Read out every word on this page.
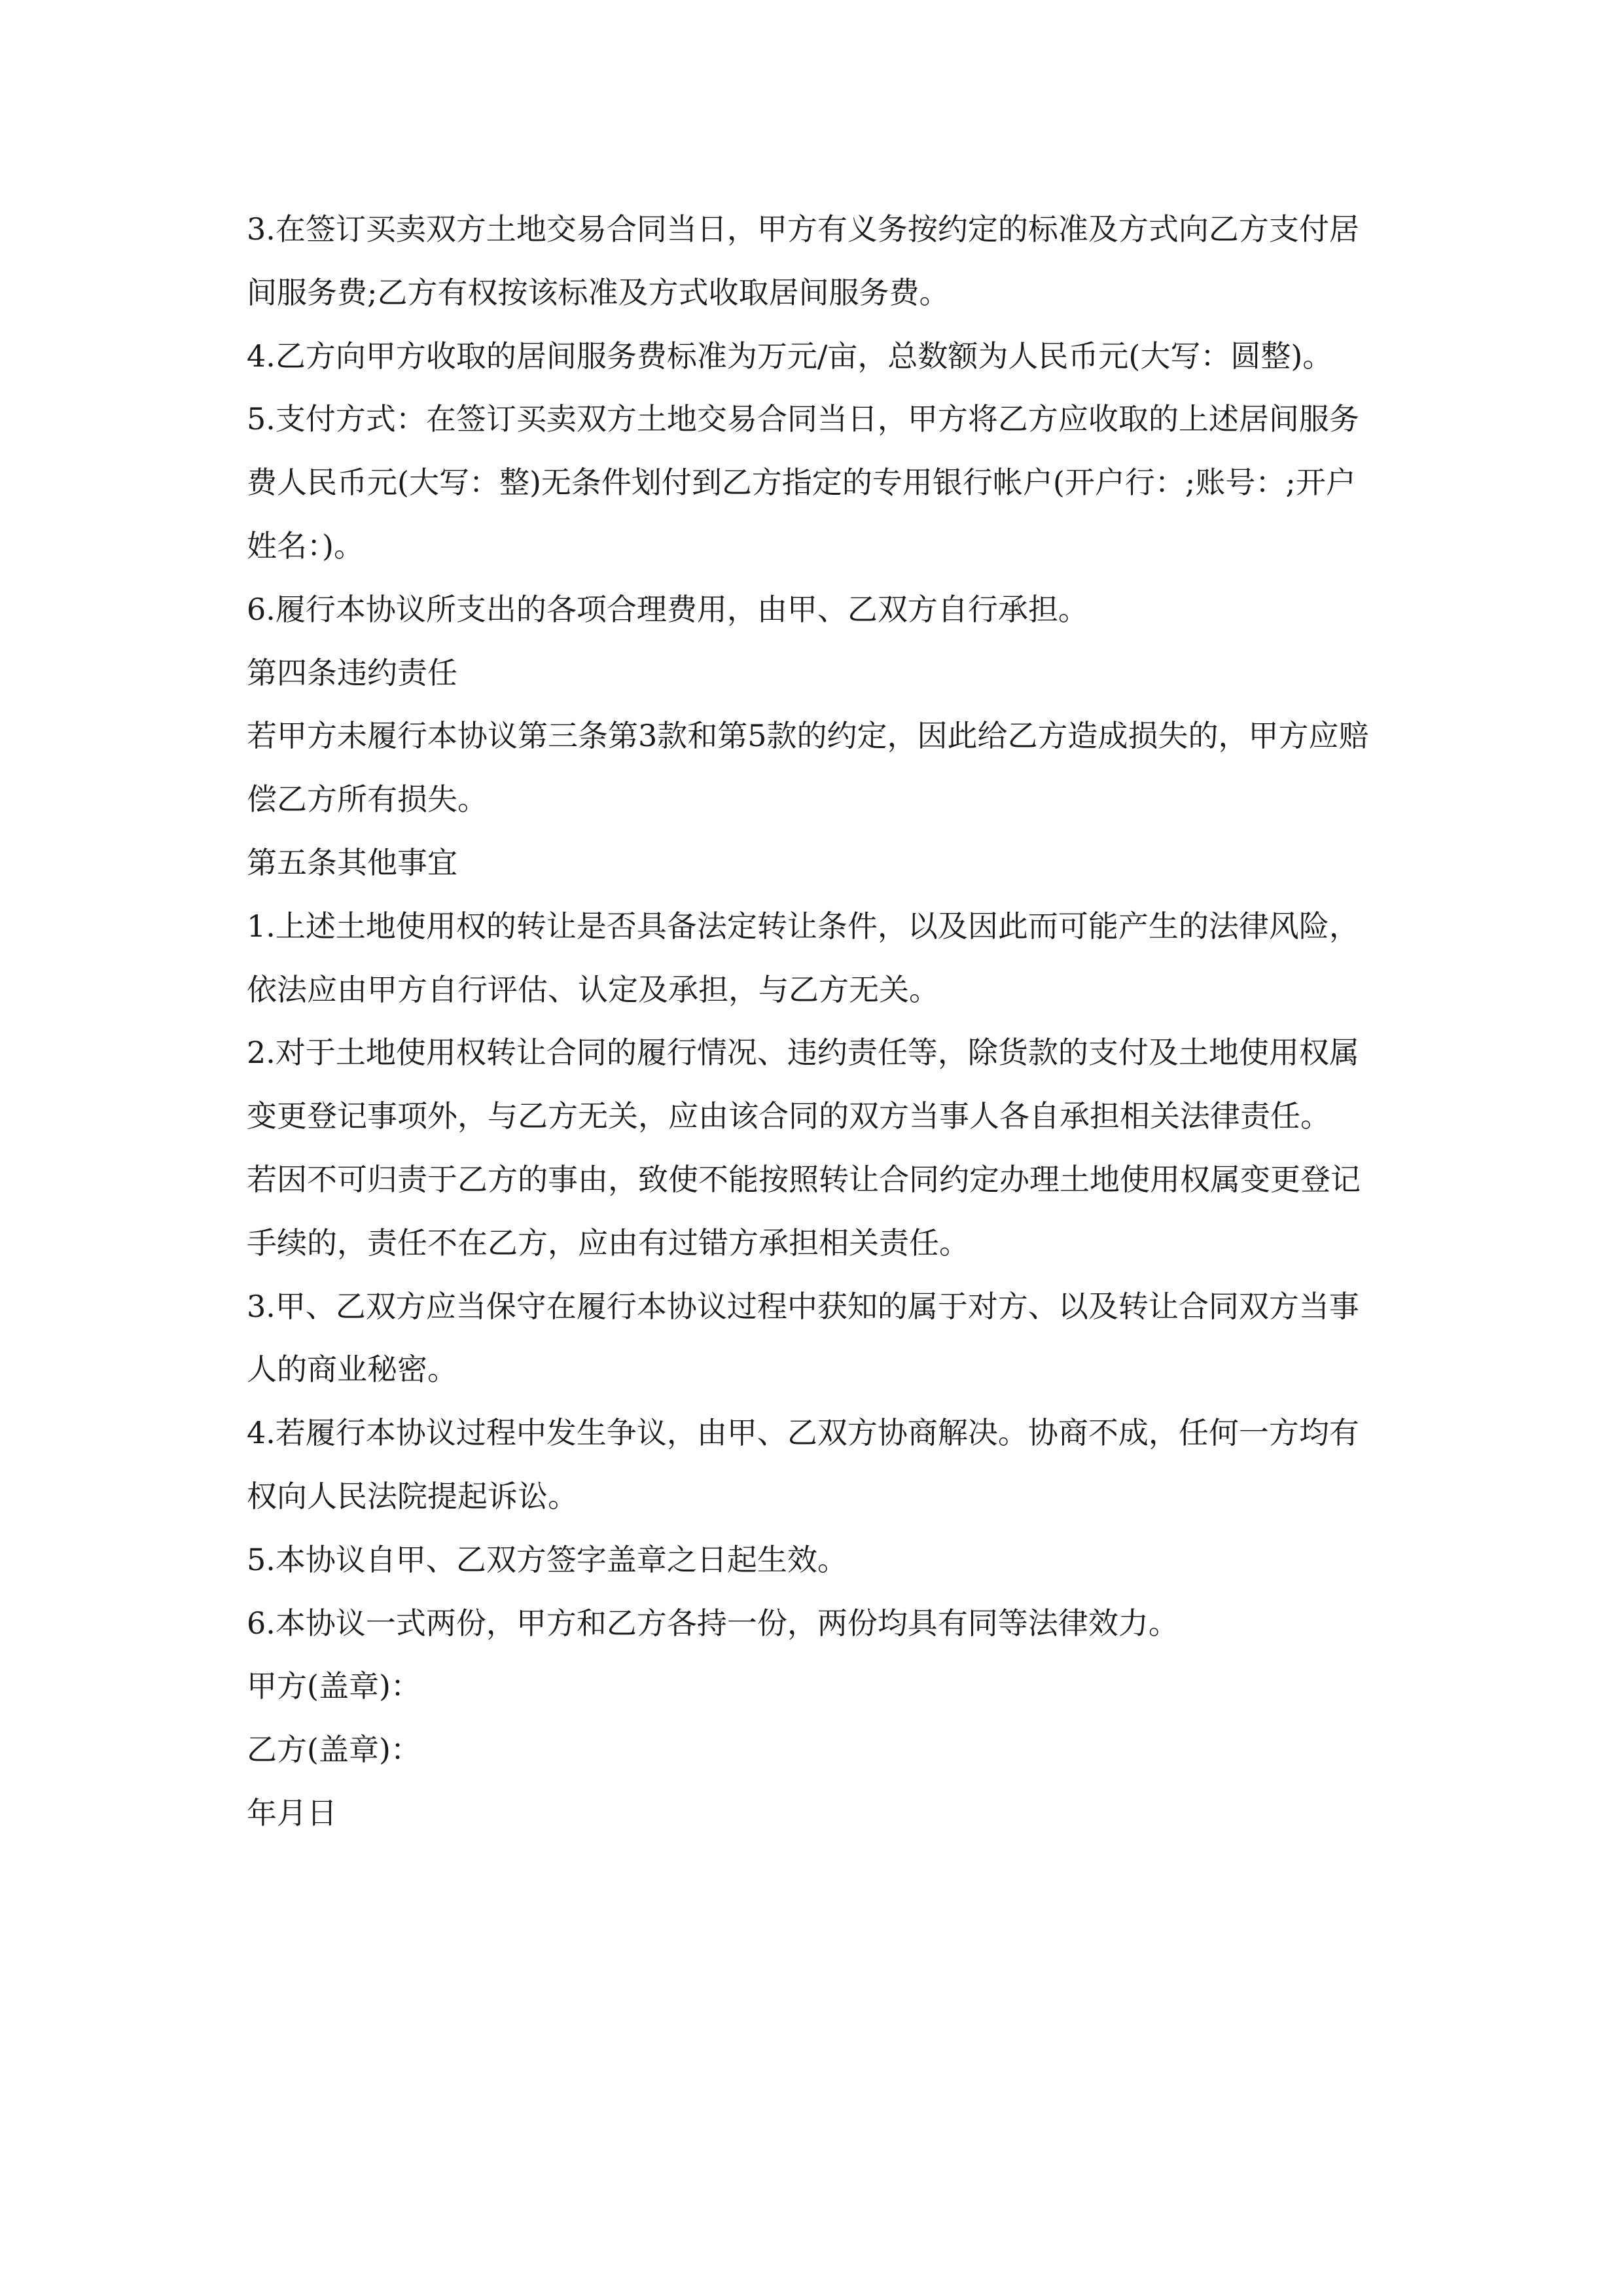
3.在签订买卖双方土地交易合同当日，甲方有义务按约定的标准及方式向乙方支付居间服务费;乙方有权按该标准及方式收取居间服务费。

4.乙方向甲方收取的居间服务费标准为万元/亩，总数额为人民币元(大写：圆整)。

5.支付方式：在签订买卖双方土地交易合同当日，甲方将乙方应收取的上述居间服务费人民币元(大写：整)无条件划付到乙方指定的专用银行帐户(开户行：;账号：;开户姓名：)。

6.履行本协议所支出的各项合理费用，由甲、乙双方自行承担。

第四条违约责任

若甲方未履行本协议第三条第3款和第5款的约定，因此给乙方造成损失的，甲方应赔偿乙方所有损失。

第五条其他事宜

1.上述土地使用权的转让是否具备法定转让条件，以及因此而可能产生的法律风险，依法应由甲方自行评估、认定及承担，与乙方无关。

2.对于土地使用权转让合同的履行情况、违约责任等，除货款的支付及土地使用权属变更登记事项外，与乙方无关，应由该合同的双方当事人各自承担相关法律责任。

若因不可归责于乙方的事由，致使不能按照转让合同约定办理土地使用权属变更登记手续的，责任不在乙方，应由有过错方承担相关责任。

3.甲、乙双方应当保守在履行本协议过程中获知的属于对方、以及转让合同双方当事人的商业秘密。

4.若履行本协议过程中发生争议，由甲、乙双方协商解决。协商不成，任何一方均有权向人民法院提起诉讼。

5.本协议自甲、乙双方签字盖章之日起生效。

6.本协议一式两份，甲方和乙方各持一份，两份均具有同等法律效力。

甲方(盖章)：

乙方(盖章)：

年月日
